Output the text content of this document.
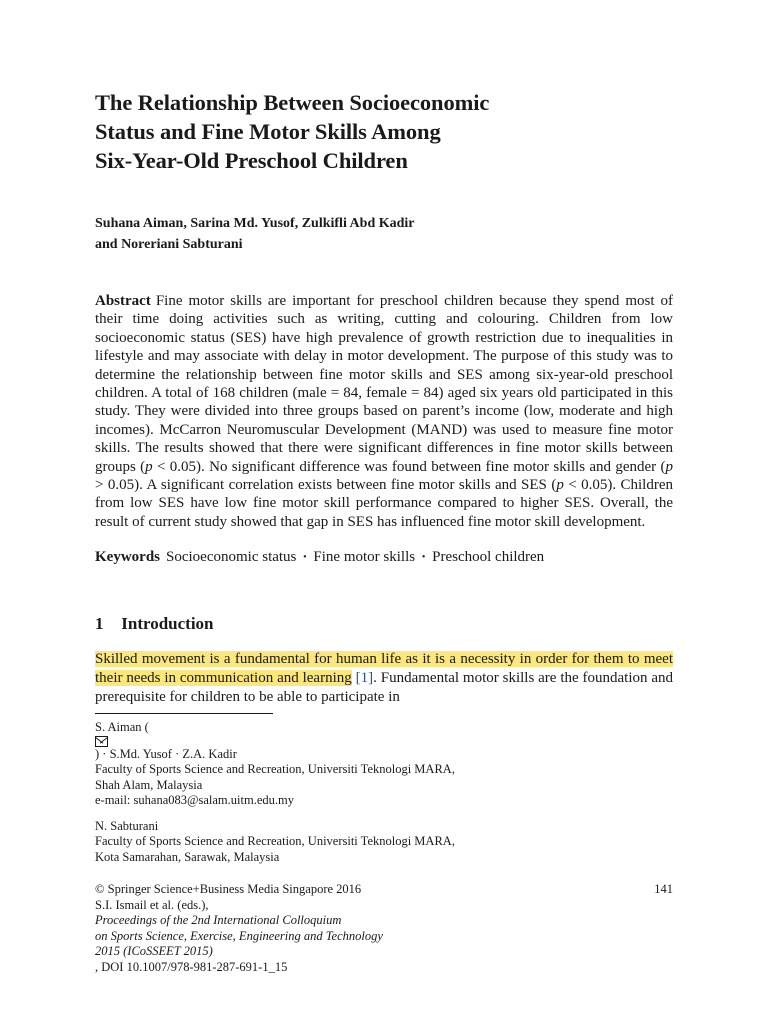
The Relationship Between Socioeconomic
Status and Fine Motor Skills Among
Six-Year-Old Preschool Children
Suhana Aiman, Sarina Md. Yusof, Zulkifli Abd Kadir
and Noreriani Sabturani
Abstract Fine motor skills are important for preschool children because they spend most of their time doing activities such as writing, cutting and colouring. Children from low socioeconomic status (SES) have high prevalence of growth restriction due to inequalities in lifestyle and may associate with delay in motor development. The purpose of this study was to determine the relationship between fine motor skills and SES among six-year-old preschool children. A total of 168 children (male = 84, female = 84) aged six years old participated in this study. They were divided into three groups based on parent’s income (low, moderate and high incomes). McCarron Neuromuscular Development (MAND) was used to measure fine motor skills. The results showed that there were significant differences in fine motor skills between groups (p < 0.05). No significant difference was found between fine motor skills and gender (p > 0.05). A significant correlation exists between fine motor skills and SES (p < 0.05). Children from low SES have low fine motor skill performance compared to higher SES. Overall, the result of current study showed that gap in SES has influenced fine motor skill development.
Keywords Socioeconomic status · Fine motor skills · Preschool children
1 Introduction
Skilled movement is a fundamental for human life as it is a necessity in order for them to meet their needs in communication and learning [1]. Fundamental motor skills are the foundation and prerequisite for children to be able to participate in
S. Aiman (
) · S.Md. Yusof · Z.A. Kadir
Faculty of Sports Science and Recreation, Universiti Teknologi MARA,
Shah Alam, Malaysia
e-mail: suhana083@salam.uitm.edu.my
N. Sabturani
Faculty of Sports Science and Recreation, Universiti Teknologi MARA,
Kota Samarahan, Sarawak, Malaysia
© Springer Science+Business Media Singapore 2016
S.I. Ismail et al. (eds.),
Proceedings of the 2nd International Colloquium
on Sports Science, Exercise, Engineering and Technology
2015 (ICoSSEET 2015)
, DOI 10.1007/978-981-287-691-1_15
141
